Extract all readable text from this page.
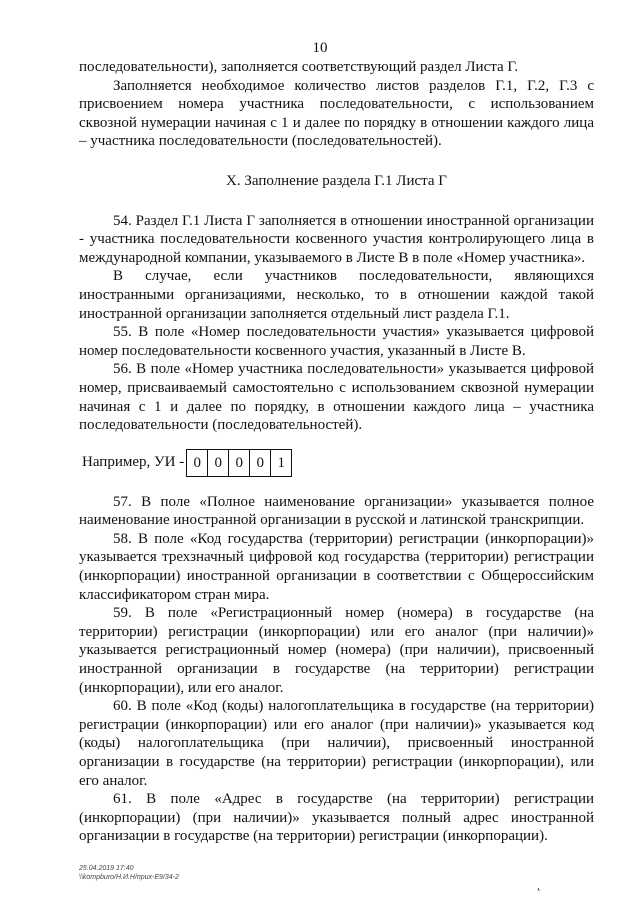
10

последовательности), заполняется соответствующий раздел Листа Г.

Заполняется необходимое количество листов разделов Г.1, Г.2, Г.3 с присвоением номера участника последовательности, с использованием сквозной нумерации начиная с 1 и далее по порядку в отношении каждого лица – участника последовательности (последовательностей).

X. Заполнение раздела Г.1 Листа Г

54. Раздел Г.1 Листа Г заполняется в отношении иностранной организации - участника последовательности косвенного участия контролирующего лица в международной компании, указываемого в Листе В в поле «Номер участника».

В случае, если участников последовательности, являющихся иностранными организациями, несколько, то в отношении каждой такой иностранной организации заполняется отдельный лист раздела Г.1.

55. В поле «Номер последовательности участия» указывается цифровой номер последовательности косвенного участия, указанный в Листе В.

56. В поле «Номер участника последовательности» указывается цифровой номер, присваиваемый самостоятельно с использованием сквозной нумерации начиная с 1 и далее по порядку, в отношении каждого лица – участника последовательности (последовательностей).

Например, УИ - 0 0 0 0 1

57. В поле «Полное наименование организации» указывается полное наименование иностранной организации в русской и латинской транскрипции.

58. В поле «Код государства (территории) регистрации (инкорпорации)» указывается трехзначный цифровой код государства (территории) регистрации (инкорпорации) иностранной организации в соответствии с Общероссийским классификатором стран мира.

59. В поле «Регистрационный номер (номера) в государстве (на территории) регистрации (инкорпорации) или его аналог (при наличии)» указывается регистрационный номер (номера) (при наличии), присвоенный иностранной организации в государстве (на территории) регистрации (инкорпорации), или его аналог.

60. В поле «Код (коды) налогоплательщика в государстве (на территории) регистрации (инкорпорации) или его аналог (при наличии)» указывается код (коды) налогоплательщика (при наличии), присвоенный иностранной организации в государстве (на территории) регистрации (инкорпорации), или его аналог.

61. В поле «Адрес в государстве (на территории) регистрации (инкорпорации) (при наличии)» указывается полный адрес иностранной организации в государстве (на территории) регистрации (инкорпорации).

25.04.2019 17:40
\\kompburo/Н.И.Н/прих-Е9/34-2	˛
